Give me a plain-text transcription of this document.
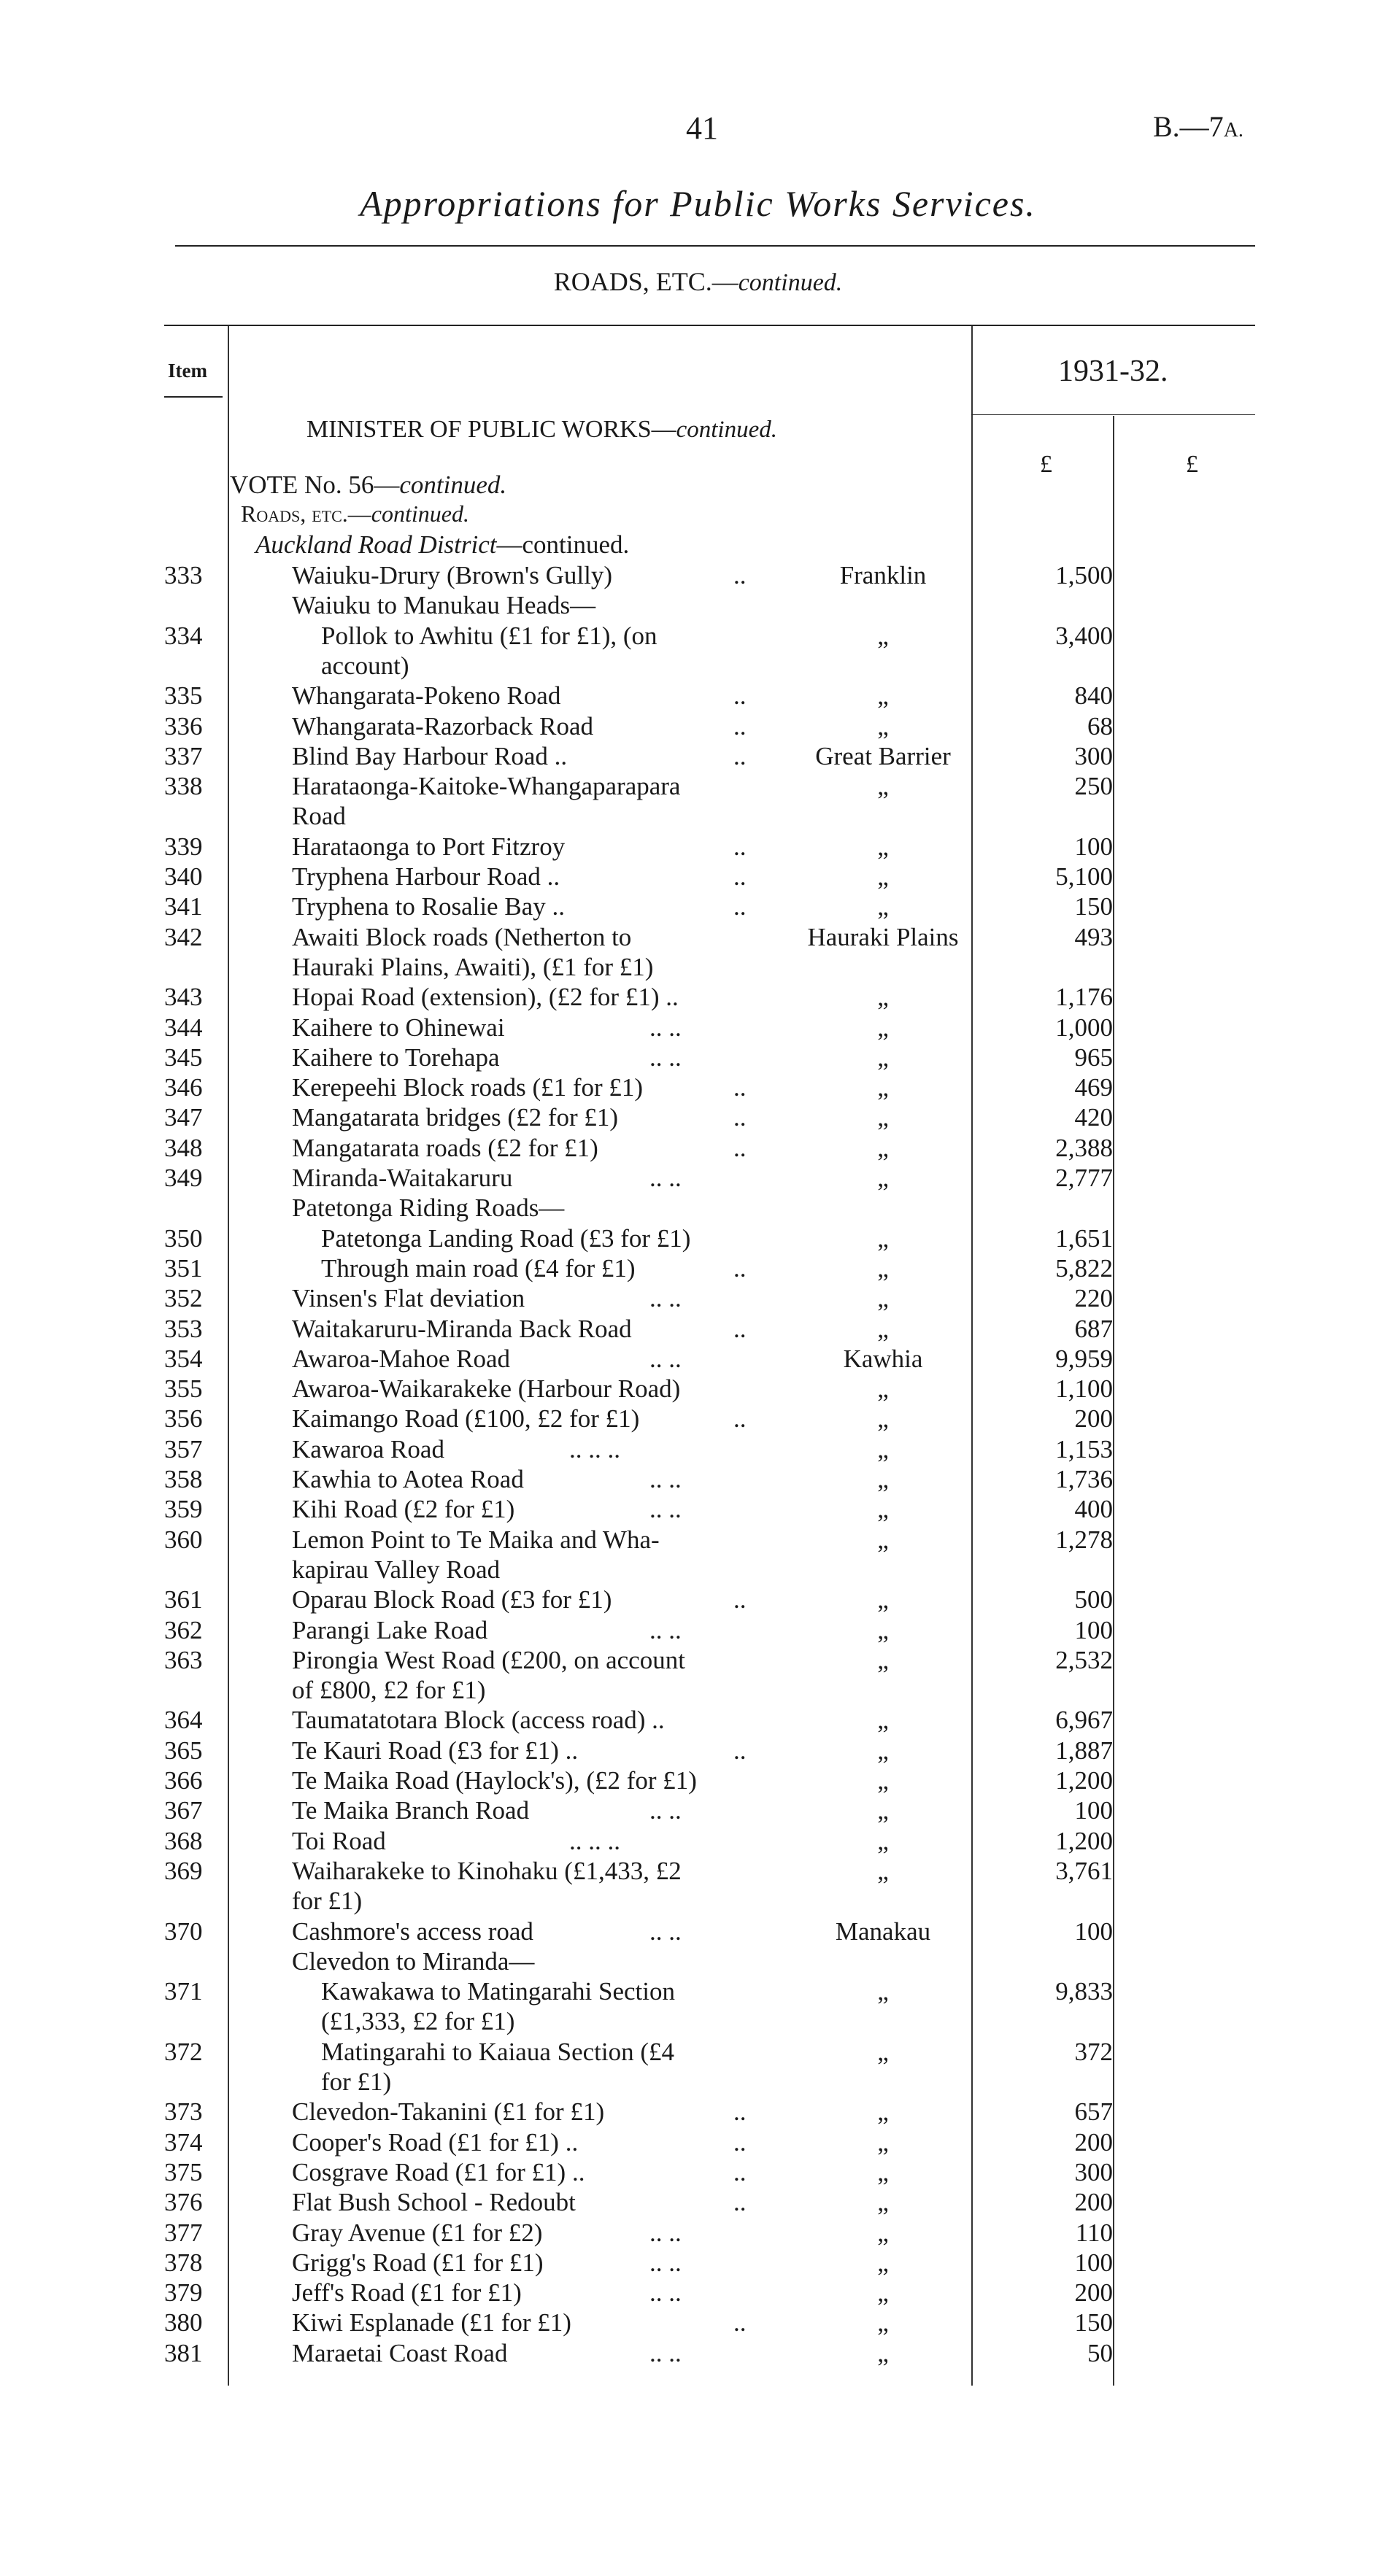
41	B.—7A.
Appropriations for Public Works Services.
ROADS, ETC.—continued.
Item	1931-32.
MINISTER OF PUBLIC WORKS—continued.
£	£
VOTE No. 56—continued.
Roads, etc.—continued.
Auckland Road District—continued.
333	Waiuku-Drury (Brown's Gully)	..	Franklin	1,500
Waiuku to Manukau Heads—
334	Pollok to Awhitu (£1 for £1), (on	„	3,400
account)
335	Whangarata-Pokeno Road	..	„	840
336	Whangarata-Razorback Road	..	„	68
337	Blind Bay Harbour Road ..	..	Great Barrier	300
338	Harataonga-Kaitoke-Whangaparapara	„	250
Road
339	Harataonga to Port Fitzroy	..	„	100
340	Tryphena Harbour Road ..	..	„	5,100
341	Tryphena to Rosalie Bay ..	..	„	150
342	Awaiti Block roads (Netherton to	Hauraki Plains	493
Hauraki Plains, Awaiti), (£1 for £1)
343	Hopai Road (extension), (£2 for £1) ..	„	1,176
344	Kaihere to Ohinewai	.. ..	„	1,000
345	Kaihere to Torehapa	.. ..	„	965
346	Kerepeehi Block roads (£1 for £1)	..	„	469
347	Mangatarata bridges (£2 for £1)	..	„	420
348	Mangatarata roads (£2 for £1)	..	„	2,388
349	Miranda-Waitakaruru	.. ..	„	2,777
Patetonga Riding Roads—
350	Patetonga Landing Road (£3 for £1)	„	1,651
351	Through main road (£4 for £1)	..	„	5,822
352	Vinsen's Flat deviation	.. ..	„	220
353	Waitakaruru-Miranda Back Road	..	„	687
354	Awaroa-Mahoe Road	.. ..	Kawhia	9,959
355	Awaroa-Waikarakeke (Harbour Road)	„	1,100
356	Kaimango Road (£100, £2 for £1)	..	„	200
357	Kawaroa Road	.. .. ..	„	1,153
358	Kawhia to Aotea Road	.. ..	„	1,736
359	Kihi Road (£2 for £1)	.. ..	„	400
360	Lemon Point to Te Maika and Wha-	„	1,278
kapirau Valley Road
361	Oparau Block Road (£3 for £1)	..	„	500
362	Parangi Lake Road	.. ..	„	100
363	Pirongia West Road (£200, on account	„	2,532
of £800, £2 for £1)
364	Taumatatotara Block (access road) ..	„	6,967
365	Te Kauri Road (£3 for £1) ..	..	„	1,887
366	Te Maika Road (Haylock's), (£2 for £1)	„	1,200
367	Te Maika Branch Road	.. ..	„	100
368	Toi Road	.. .. ..	„	1,200
369	Waiharakeke to Kinohaku (£1,433, £2	„	3,761
for £1)
370	Cashmore's access road	.. ..	Manakau	100
Clevedon to Miranda—
371	Kawakawa to Matingarahi Section	„	9,833
(£1,333, £2 for £1)
372	Matingarahi to Kaiaua Section (£4	„	372
for £1)
373	Clevedon-Takanini (£1 for £1)	..	„	657
374	Cooper's Road (£1 for £1) ..	..	„	200
375	Cosgrave Road (£1 for £1) ..	..	„	300
376	Flat Bush School - Redoubt	..	„	200
377	Gray Avenue (£1 for £2)	.. ..	„	110
378	Grigg's Road (£1 for £1)	.. ..	„	100
379	Jeff's Road (£1 for £1)	.. ..	„	200
380	Kiwi Esplanade (£1 for £1)	..	„	150
381	Maraetai Coast Road	.. ..	„	50
